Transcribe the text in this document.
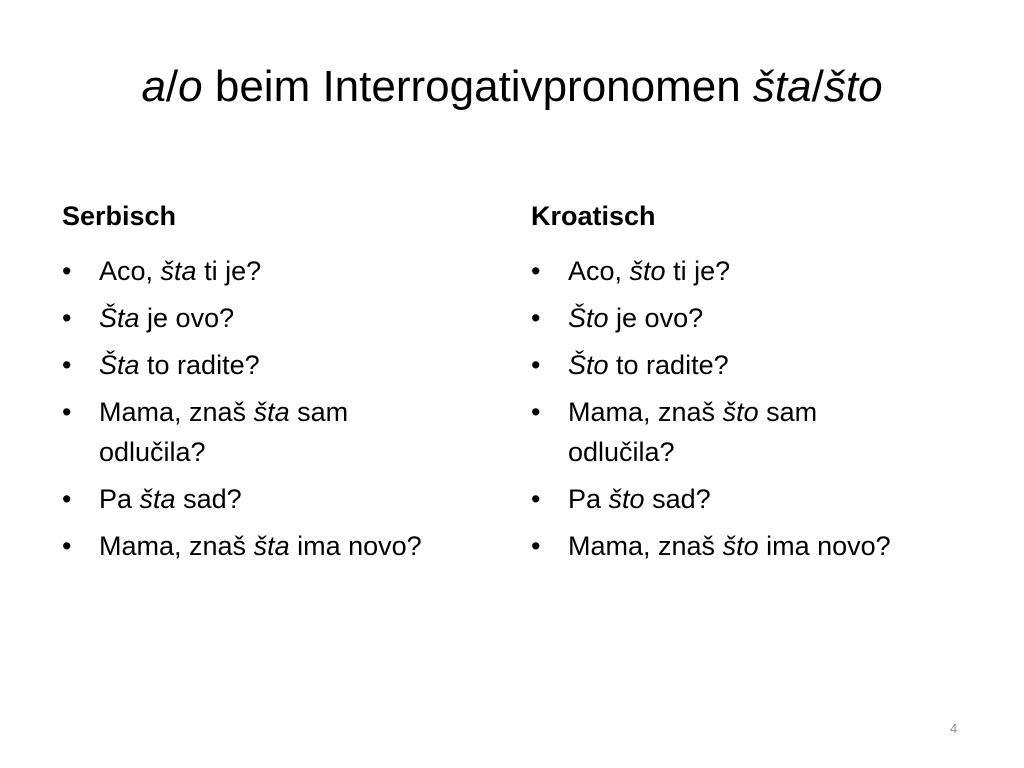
a/o beim Interrogativpronomen šta/što
Serbisch
• Aco, šta ti je?
• Šta je ovo?
• Šta to radite?
• Mama, znaš šta sam odlučila?
• Pa šta sad?
• Mama, znaš šta ima novo?
Kroatisch
• Aco, što ti je?
• Što je ovo?
• Što to radite?
• Mama, znaš što sam odlučila?
• Pa što sad?
• Mama, znaš što ima novo?
4
